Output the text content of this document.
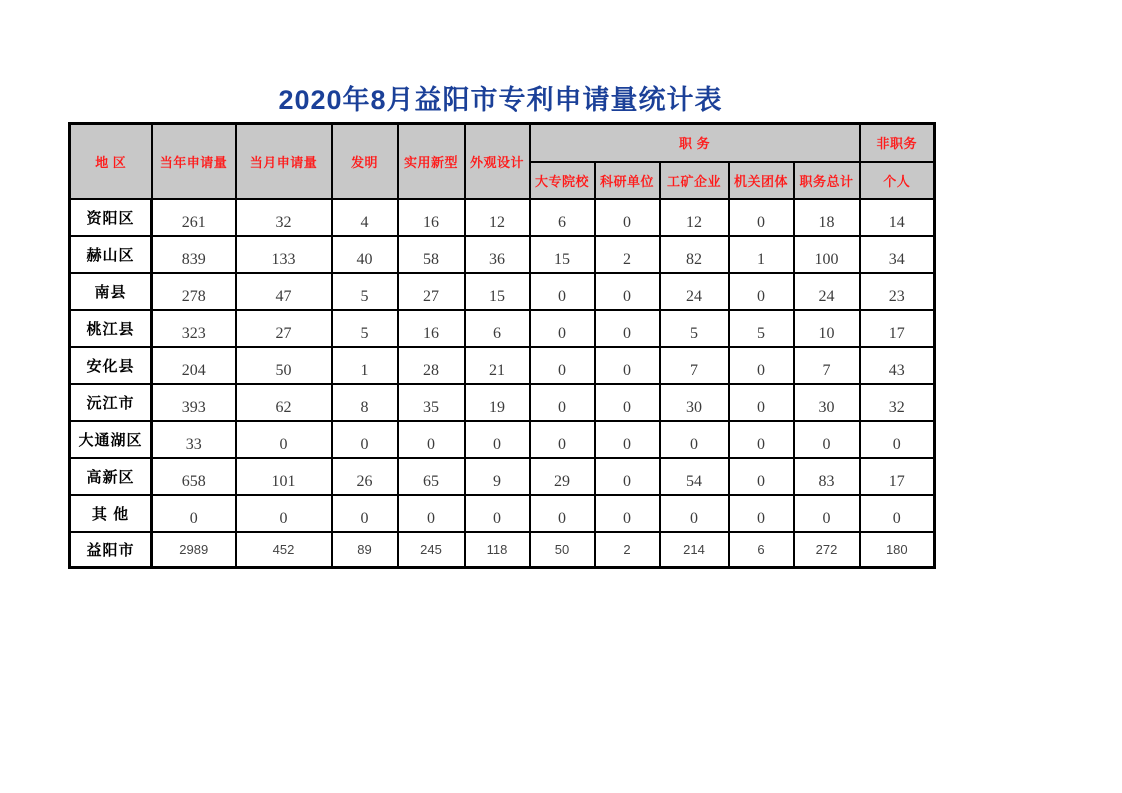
2020年8月益阳市专利申请量统计表
地 区	当年申请量	当月申请量	发明	实用新型	外观设计	职 务					非职务
						大专院校	科研单位	工矿企业	机关团体	职务总计	个人
资阳区	261	32	4	16	12	6	0	12	0	18	14
赫山区	839	133	40	58	36	15	2	82	1	100	34
南县	278	47	5	27	15	0	0	24	0	24	23
桃江县	323	27	5	16	6	0	0	5	5	10	17
安化县	204	50	1	28	21	0	0	7	0	7	43
沅江市	393	62	8	35	19	0	0	30	0	30	32
大通湖区	33	0	0	0	0	0	0	0	0	0	0
高新区	658	101	26	65	9	29	0	54	0	83	17
其 他	0	0	0	0	0	0	0	0	0	0	0
益阳市	2989	452	89	245	118	50	2	214	6	272	180
